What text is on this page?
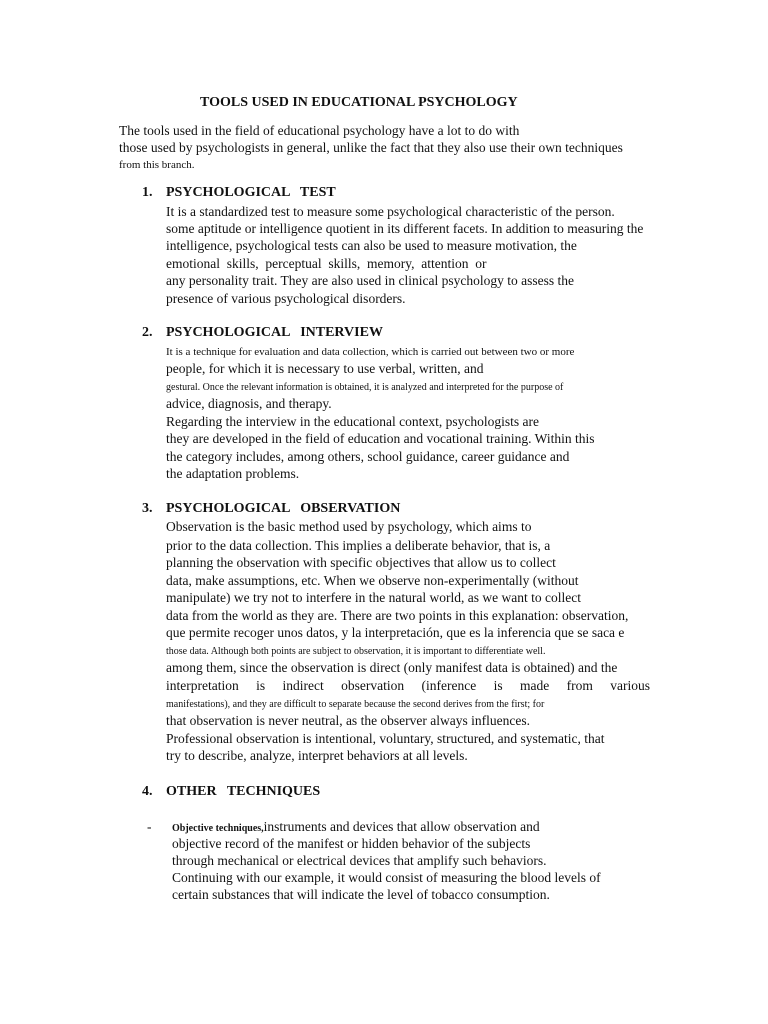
TOOLS USED IN EDUCATIONAL PSYCHOLOGY
The tools used in the field of educational psychology have a lot to do with
those used by psychologists in general, unlike the fact that they also use their own techniques
from this branch.
1. PSYCHOLOGICAL   TEST
It is a standardized test to measure some psychological characteristic of the person.
some aptitude or intelligence quotient in its different facets. In addition to measuring the
intelligence, psychological tests can also be used to measure motivation, the
emotional  skills,  perceptual  skills,  memory,  attention  or
any personality trait. They are also used in clinical psychology to assess the
presence of various psychological disorders.
2. PSYCHOLOGICAL   INTERVIEW
It is a technique for evaluation and data collection, which is carried out between two or more
people, for which it is necessary to use verbal, written, and
gestural. Once the relevant information is obtained, it is analyzed and interpreted for the purpose of
advice, diagnosis, and therapy.
Regarding the interview in the educational context, psychologists are
they are developed in the field of education and vocational training. Within this
the category includes, among others, school guidance, career guidance and
the adaptation problems.
3. PSYCHOLOGICAL   OBSERVATION
Observation is the basic method used by psychology, which aims to
prior to the data collection. This implies a deliberate behavior, that is, a
planning the observation with specific objectives that allow us to collect
data, make assumptions, etc. When we observe non-experimentally (without
manipulate) we try not to interfere in the natural world, as we want to collect
data from the world as they are. There are two points in this explanation: observation,
que permite recoger unos datos, y la interpretación, que es la inferencia que se saca e
those data. Although both points are subject to observation, it is important to differentiate well.
among them, since the observation is direct (only manifest data is obtained) and the
interpretation is indirect observation (inference is made from various
manifestations), and they are difficult to separate because the second derives from the first; for
that observation is never neutral, as the observer always influences.
Professional observation is intentional, voluntary, structured, and systematic, that
try to describe, analyze, interpret behaviors at all levels.
4. OTHER   TECHNIQUES
- Objective techniques,instruments and devices that allow observation and
objective record of the manifest or hidden behavior of the subjects
through mechanical or electrical devices that amplify such behaviors.
Continuing with our example, it would consist of measuring the blood levels of
certain substances that will indicate the level of tobacco consumption.
